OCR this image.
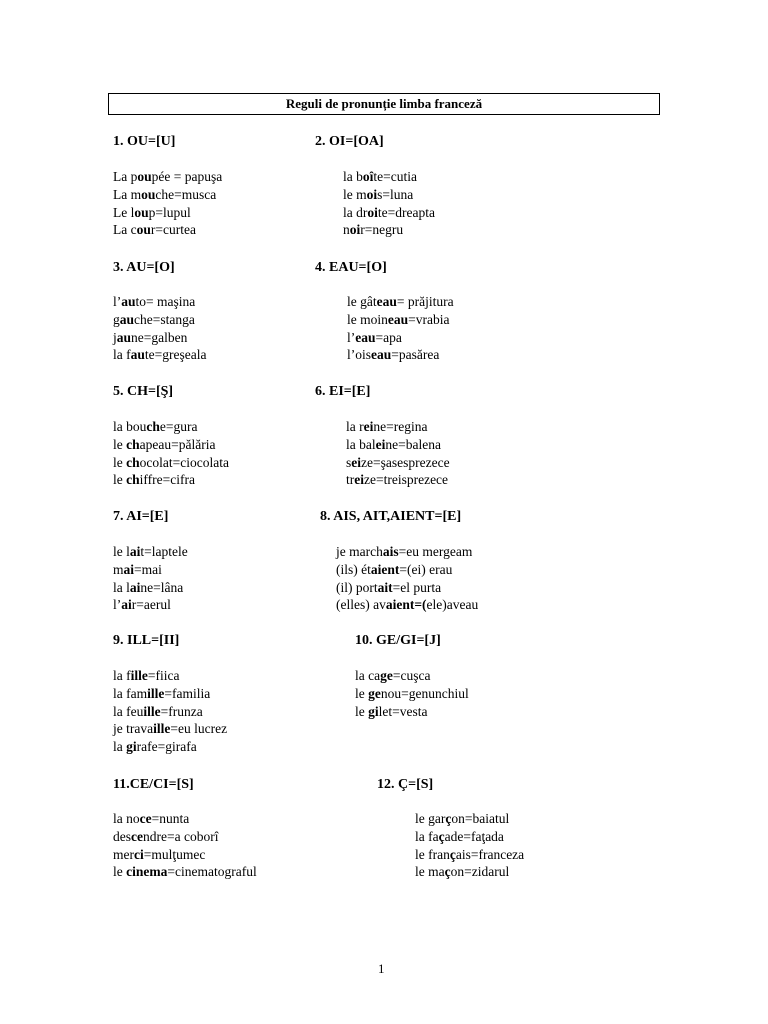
Reguli de pronunție limba franceză
1. OU=[U]
La poupée = papuşa
La mouche=musca
Le loup=lupul
La cour=curtea
2. OI=[OA]
la boîte=cutia
le mois=luna
la droite=dreapta
noir=negru
3. AU=[O]
l’auto= maşina
gauche=stanga
jaune=galben
la faute=greşeala
4. EAU=[O]
le gâteau= prăjitura
le moineau=vrabia
l’eau=apa
l’oiseau=pasărea
5. CH=[Ş]
la bouche=gura
le chapeau=pălăria
le chocolat=ciocolata
le chiffre=cifra
6. EI=[E]
la reine=regina
la baleine=balena
seize=şasesprezece
treize=treisprezece
7. AI=[E]
le lait=laptele
mai=mai
la laine=lâna
l’air=aerul
8. AIS, AIT,AIENT=[E]
je marchais=eu mergeam
(ils) étaient=(ei) erau
(il) portait=el purta
(elles) avaient=(ele)aveau
9. ILL=[II]
la fille=fiica
la famille=familia
la feuille=frunza
je travaille=eu lucrez
la girafe=girafa
10. GE/GI=[J]
la cage=cuşca
le genou=genunchiul
le gilet=vesta
11.CE/CI=[S]
la noce=nunta
descendre=a coborî
merci=mulţumec
le cinema=cinematograful
12. Ç=[S]
le garçon=baiatul
la façade=faţada
le français=franceza
le maçon=zidarul
1
